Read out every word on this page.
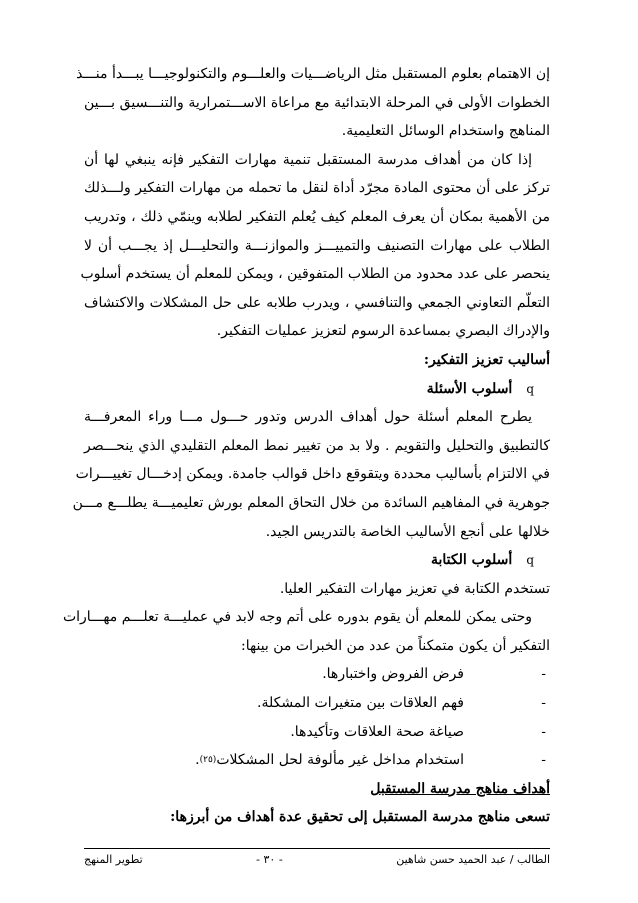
إن الاهتمام بعلوم المستقبل مثل الرياضـــيات والعلـــوم والتكنولوجيـــا يبـــدأ منـــذ
الخطوات الأولى في المرحلة الابتدائية مع مراعاة الاســـتمرارية والتنـــسيق بـــين
المناهج واستخدام الوسائل التعليمية.
إذا كان من أهداف مدرسة المستقبل تنمية مهارات التفكير فإنه ينبغي لها أن
تركز على أن محتوى المادة مجرّد أداة لنقل ما تحمله من مهارات التفكير ولـــذلك
من الأهمية بمكان أن يعرف المعلم كيف يُعلم التفكير لطلابه وينمّي ذلك ، وتدريب
الطلاب على مهارات التصنيف والتمييـــز والموازنـــة والتحليـــل إذ يجـــب أن لا
ينحصر على عدد محدود من الطلاب المتفوقين ، ويمكن للمعلم أن يستخدم أسلوب
التعلّم التعاوني الجمعي والتنافسي ، ويدرب طلابه على حل المشكلات والاكتشاف
والإدراك البصري بمساعدة الرسوم لتعزيز عمليات التفكير.
أساليب تعزيز التفكير:
q
أسلوب الأسئلة
يطرح المعلم أسئلة حول أهداف الدرس وتدور حـــول مـــا وراء المعرفـــة
كالتطبيق والتحليل والتقويم . ولا بد من تغيير نمط المعلم التقليدي الذي ينحـــصر
في الالتزام بأساليب محددة ويتقوقع داخل قوالب جامدة. ويمكن إدخـــال تغييـــرات
جوهرية في المفاهيم السائدة من خلال التحاق المعلم بورش تعليميـــة يطلـــع مـــن
خلالها على أنجع الأساليب الخاصة بالتدريس الجيد.
q
أسلوب الكتابة
تستخدم الكتابة في تعزيز مهارات التفكير العليا.
وحتى يمكن للمعلم أن يقوم بدوره على أتم وجه لابد في عمليـــة تعلـــم مهـــارات
التفكير أن يكون متمكناً من عدد من الخبرات من بينها:
-
فرض الفروض واختبارها.
-
فهم العلاقات بين متغيرات المشكلة.
-
صياغة صحة العلاقات وتأكيدها.
-
استخدام مداخل غير مألوفة لحل المشكلات
(٢٥)
.
أهداف مناهج مدرسة المستقبل
تسعى مناهج مدرسة المستقبل إلى تحقيق عدة أهداف من أبرزها:
الطالب / عبد الحميد حسن شاهين
- ٣٠ -
تطوير المنهج
